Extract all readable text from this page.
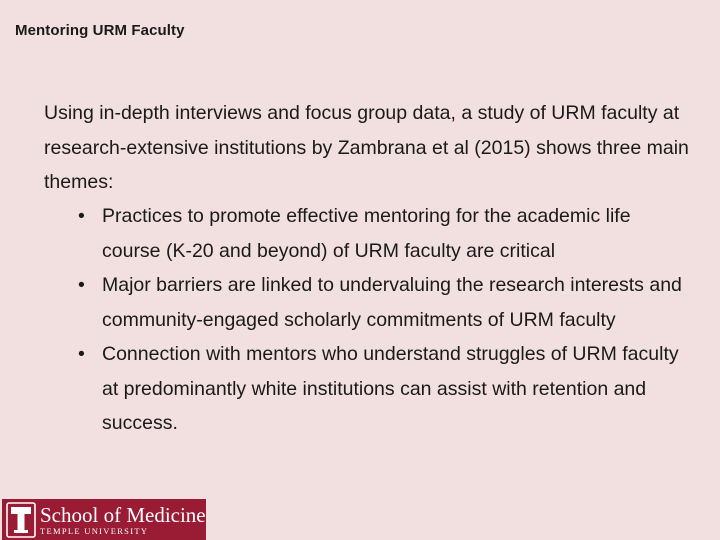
Mentoring URM Faculty
Using in-depth interviews and focus group data, a study of URM faculty at research-extensive institutions by Zambrana et al (2015) shows three main themes:
• Practices to promote effective mentoring for the academic life course (K-20 and beyond) of URM faculty are critical
• Major barriers are linked to undervaluing the research interests and community-engaged scholarly commitments of URM faculty
• Connection with mentors who understand struggles of URM faculty at predominantly white institutions can assist with retention and success.
School of Medicine
TEMPLE UNIVERSITY
